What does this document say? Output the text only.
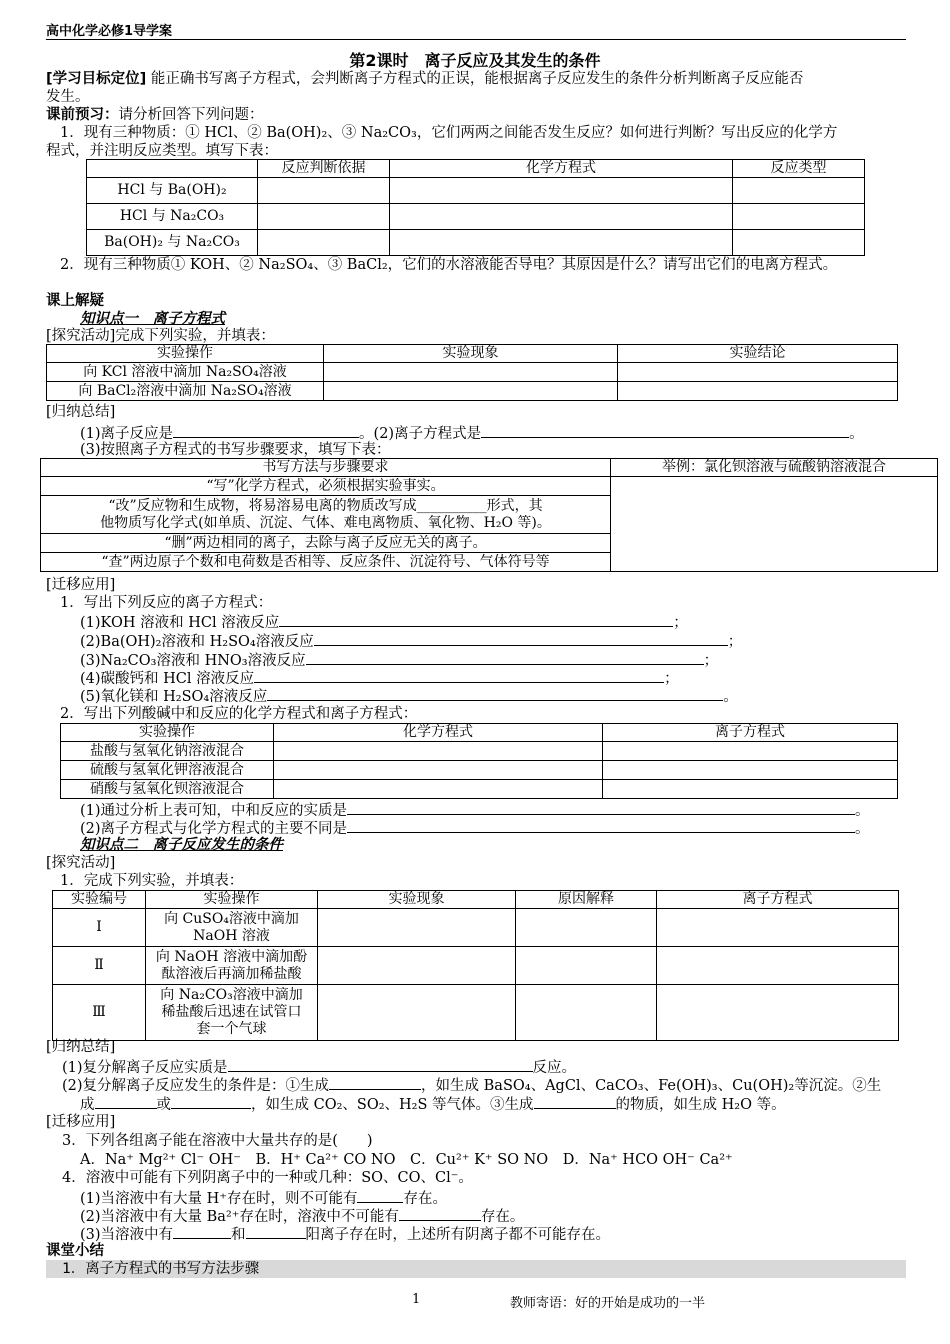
高中化学必修1导学案
第2课时　离子反应及其发生的条件
[学习目标定位] 能正确书写离子方程式，会判断离子方程式的正误，能根据离子反应发生的条件分析判断离子反应能否
发生。
课前预习：请分析回答下列问题：
1．现有三种物质：① HCl、② Ba(OH)₂、③ Na₂CO₃，它们两两之间能否发生反应？如何进行判断？写出反应的化学方
程式，并注明反应类型。填写下表：
	反应判断依据	化学方程式	反应类型
HCl 与 Ba(OH)₂			
HCl 与 Na₂CO₃			
Ba(OH)₂ 与 Na₂CO₃			
2．现有三种物质① KOH、② Na₂SO₄、③ BaCl₂，它们的水溶液能否导电？其原因是什么？请写出它们的电离方程式。
课上解疑
知识点一　离子方程式
[探究活动]完成下列实验，并填表：
实验操作	实验现象	实验结论
向 KCl 溶液中滴加 Na₂SO₄溶液		
向 BaCl₂溶液中滴加 Na₂SO₄溶液		
[归纳总结]
(1)离子反应是	。(2)离子方程式是	。
(3)按照离子方程式的书写步骤要求，填写下表：
书写方法与步骤要求	举例：氯化钡溶液与硫酸钠溶液混合
“写”化学方程式，必须根据实验事实。	

“改”反应物和生成物，将易溶易电离的物质改写成__________形式，其
他物质写化学式(如单质、沉淀、气体、难电离物质、氧化物、H₂O 等)。	

“删”两边相同的离子，去除与离子反应无关的离子。	
“查”两边原子个数和电荷数是否相等、反应条件、沉淀符号、气体符号等	
[迁移应用]
1．写出下列反应的离子方程式：
(1)KOH 溶液和 HCl 溶液反应	；
(2)Ba(OH)₂溶液和 H₂SO₄溶液反应	；
(3)Na₂CO₃溶液和 HNO₃溶液反应	；
(4)碳酸钙和 HCl 溶液反应	；
(5)氧化镁和 H₂SO₄溶液反应	。
2．写出下列酸碱中和反应的化学方程式和离子方程式：
实验操作	化学方程式	离子方程式
盐酸与氢氧化钠溶液混合		
硫酸与氢氧化钾溶液混合		
硝酸与氢氧化钡溶液混合		
(1)通过分析上表可知，中和反应的实质是	。
(2)离子方程式与化学方程式的主要不同是	。
知识点二　离子反应发生的条件
[探究活动]
1．完成下列实验，并填表：
实验编号	实验操作	实验现象	原因解释	离子方程式
Ⅰ	向 CuSO₄溶液中滴加
NaOH 溶液			

Ⅱ	向 NaOH 溶液中滴加酚
酞溶液后再滴加稀盐酸			

Ⅲ	向 Na₂CO₃溶液中滴加
稀盐酸后迅速在试管口
套一个气球			

[归纳总结]
(1)复分解离子反应实质是	反应。
(2)复分解离子反应发生的条件是：①生成	，如生成 BaSO₄、AgCl、CaCO₃、Fe(OH)₃、Cu(OH)₂等沉淀。②生
成	或	，如生成 CO₂、SO₂、H₂S 等气体。③生成	的物质，如生成 H₂O 等。
[迁移应用]
3．下列各组离子能在溶液中大量共存的是(　　)
A．Na⁺ Mg²⁺ Cl⁻ OH⁻　B．H⁺ Ca²⁺ CO NO　C．Cu²⁺ K⁺ SO NO　D．Na⁺ HCO OH⁻ Ca²⁺
4．溶液中可能有下列阴离子中的一种或几种：SO、CO、Cl⁻。
(1)当溶液中有大量 H⁺存在时，则不可能有	存在。
(2)当溶液中有大量 Ba²⁺存在时，溶液中不可能有	存在。
(3)当溶液中有	和	阳离子存在时，上述所有阴离子都不可能存在。
课堂小结
1．离子方程式的书写方法步骤
1	教师寄语：好的开始是成功的一半
